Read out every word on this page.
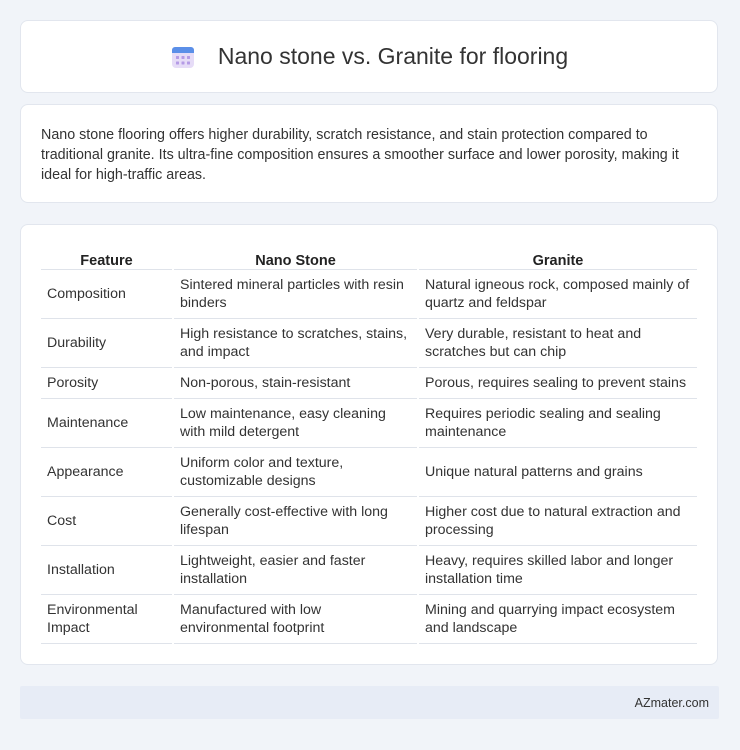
Nano stone vs. Granite for flooring

Nano stone flooring offers higher durability, scratch resistance, and stain protection compared to traditional granite. Its ultra-fine composition ensures a smoother surface and lower porosity, making it ideal for high-traffic areas.

Feature	Nano Stone	Granite
Composition	Sintered mineral particles with resin binders	Natural igneous rock, composed mainly of quartz and feldspar
Durability	High resistance to scratches, stains, and impact	Very durable, resistant to heat and scratches but can chip
Porosity	Non-porous, stain-resistant	Porous, requires sealing to prevent stains
Maintenance	Low maintenance, easy cleaning with mild detergent	Requires periodic sealing and sealing maintenance
Appearance	Uniform color and texture, customizable designs	Unique natural patterns and grains
Cost	Generally cost-effective with long lifespan	Higher cost due to natural extraction and processing
Installation	Lightweight, easier and faster installation	Heavy, requires skilled labor and longer installation time
Environmental Impact	Manufactured with low environmental footprint	Mining and quarrying impact ecosystem and landscape
AZmater.com
